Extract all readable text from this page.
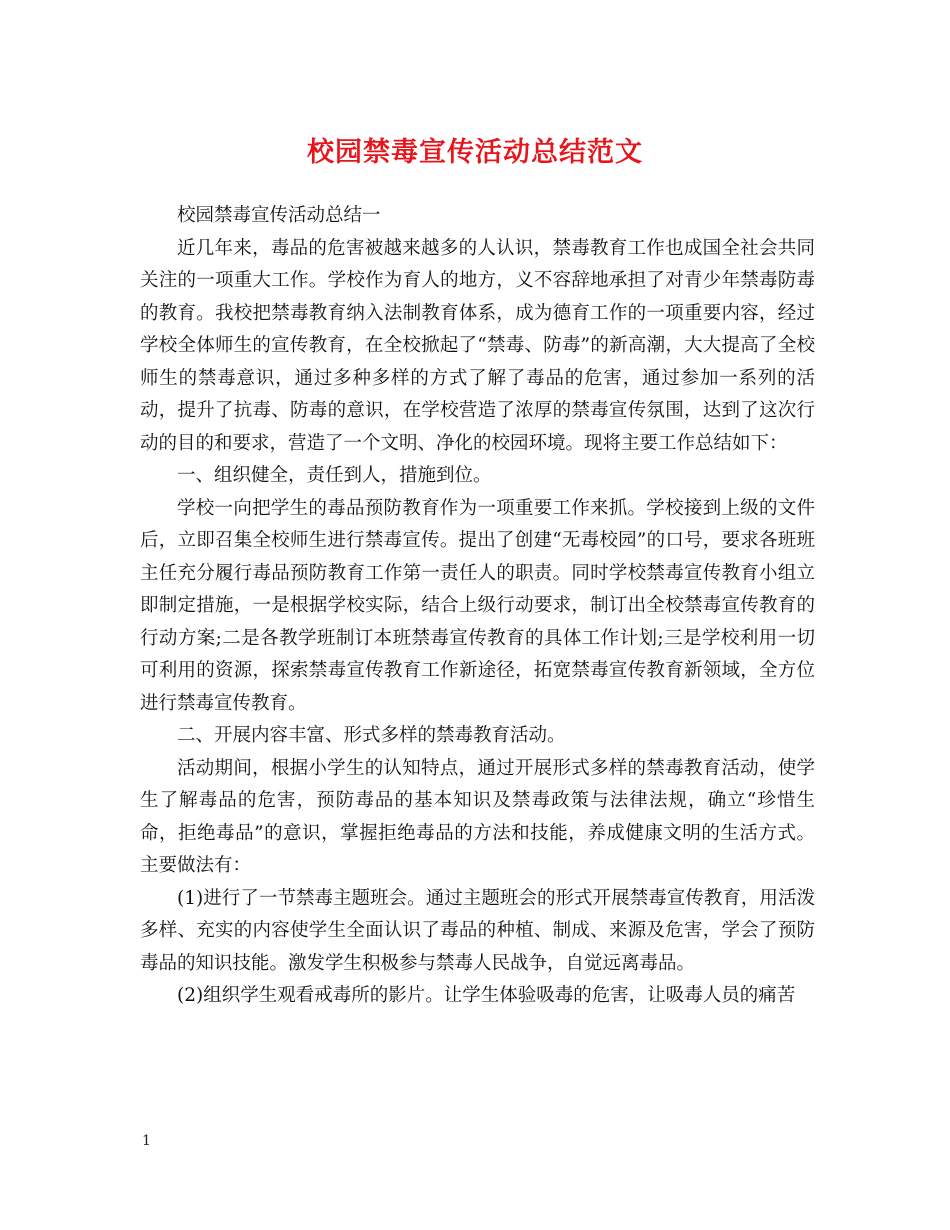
校园禁毒宣传活动总结范文

校园禁毒宣传活动总结一

近几年来，毒品的危害被越来越多的人认识，禁毒教育工作也成国全社会共同关注的一项重大工作。学校作为育人的地方，义不容辞地承担了对青少年禁毒防毒的教育。我校把禁毒教育纳入法制教育体系，成为德育工作的一项重要内容，经过学校全体师生的宣传教育，在全校掀起了“禁毒、防毒”的新高潮，大大提高了全校师生的禁毒意识，通过多种多样的方式了解了毒品的危害，通过参加一系列的活动，提升了抗毒、防毒的意识，在学校营造了浓厚的禁毒宣传氛围，达到了这次行动的目的和要求，营造了一个文明、净化的校园环境。现将主要工作总结如下：

一、组织健全，责任到人，措施到位。

学校一向把学生的毒品预防教育作为一项重要工作来抓。学校接到上级的文件后，立即召集全校师生进行禁毒宣传。提出了创建“无毒校园”的口号，要求各班班主任充分履行毒品预防教育工作第一责任人的职责。同时学校禁毒宣传教育小组立即制定措施，一是根据学校实际，结合上级行动要求，制订出全校禁毒宣传教育的行动方案;二是各教学班制订本班禁毒宣传教育的具体工作计划;三是学校利用一切可利用的资源，探索禁毒宣传教育工作新途径，拓宽禁毒宣传教育新领域，全方位进行禁毒宣传教育。

二、开展内容丰富、形式多样的禁毒教育活动。

活动期间，根据小学生的认知特点，通过开展形式多样的禁毒教育活动，使学生了解毒品的危害，预防毒品的基本知识及禁毒政策与法律法规，确立“珍惜生命，拒绝毒品”的意识，掌握拒绝毒品的方法和技能，养成健康文明的生活方式。主要做法有：

(1)进行了一节禁毒主题班会。通过主题班会的形式开展禁毒宣传教育，用活泼多样、充实的内容使学生全面认识了毒品的种植、制成、来源及危害，学会了预防毒品的知识技能。激发学生积极参与禁毒人民战争，自觉远离毒品。

(2)组织学生观看戒毒所的影片。让学生体验吸毒的危害，让吸毒人员的痛苦

1
